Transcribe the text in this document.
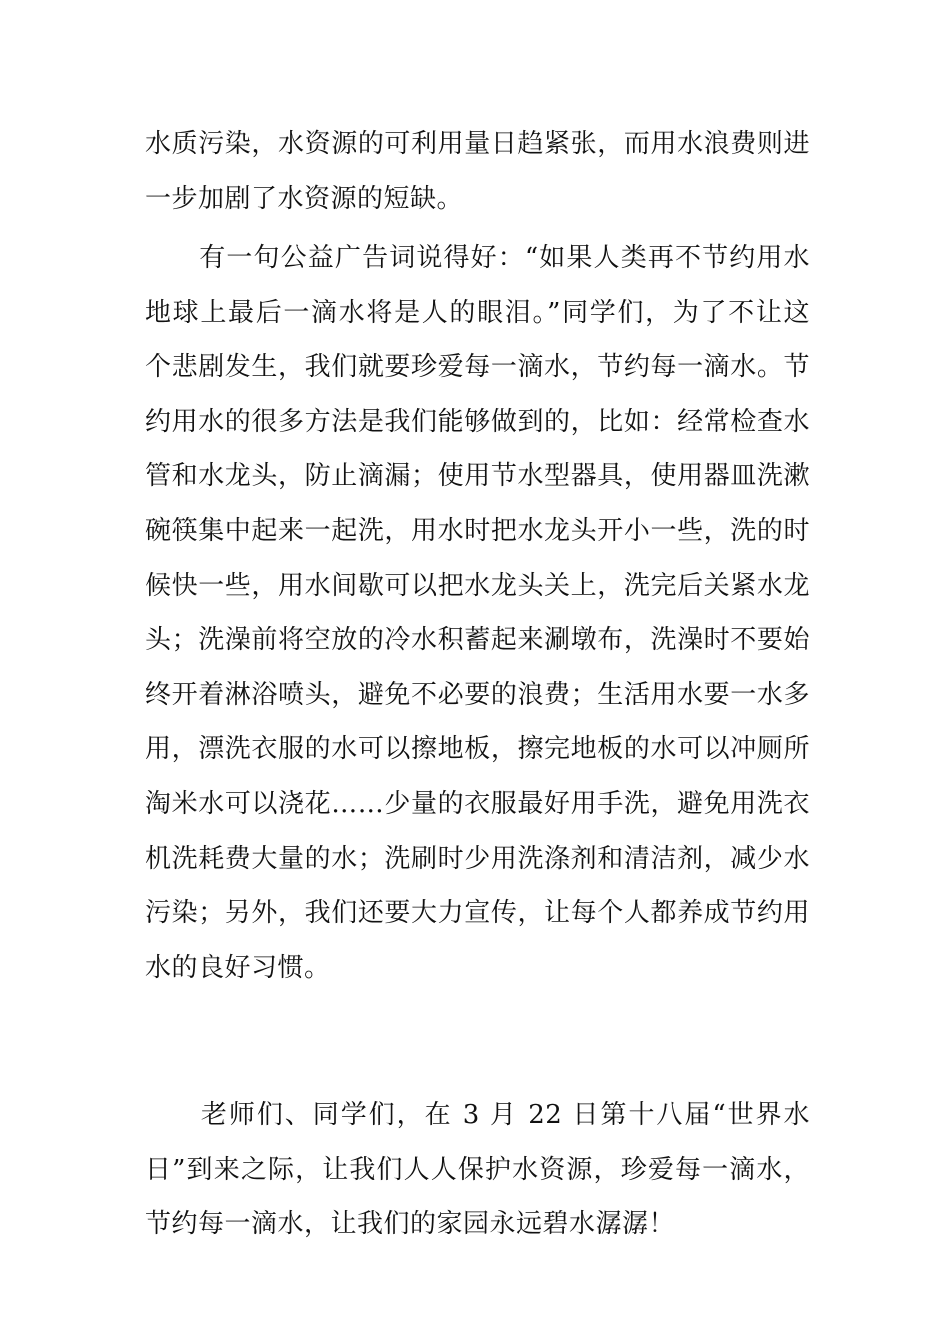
水质污染，水资源的可利用量日趋紧张，而用水浪费则进
一步加剧了水资源的短缺。
　　有一句公益广告词说得好：“如果人类再不节约用水
地球上最后一滴水将是人的眼泪。”同学们，为了不让这
个悲剧发生，我们就要珍爱每一滴水，节约每一滴水。节
约用水的很多方法是我们能够做到的，比如：经常检查水
管和水龙头，防止滴漏；使用节水型器具，使用器皿洗漱
碗筷集中起来一起洗，用水时把水龙头开小一些，洗的时
候快一些，用水间歇可以把水龙头关上，洗完后关紧水龙
头；洗澡前将空放的冷水积蓄起来涮墩布，洗澡时不要始
终开着淋浴喷头，避免不必要的浪费；生活用水要一水多
用，漂洗衣服的水可以擦地板，擦完地板的水可以冲厕所
淘米水可以浇花……少量的衣服最好用手洗，避免用洗衣
机洗耗费大量的水；洗刷时少用洗涤剂和清洁剂，减少水
污染；另外，我们还要大力宣传，让每个人都养成节约用
水的良好习惯。
　　老师们、同学们，在 3 月 22 日第十八届“世界水
日”到来之际，让我们人人保护水资源，珍爱每一滴水，
节约每一滴水，让我们的家园永远碧水潺潺！
